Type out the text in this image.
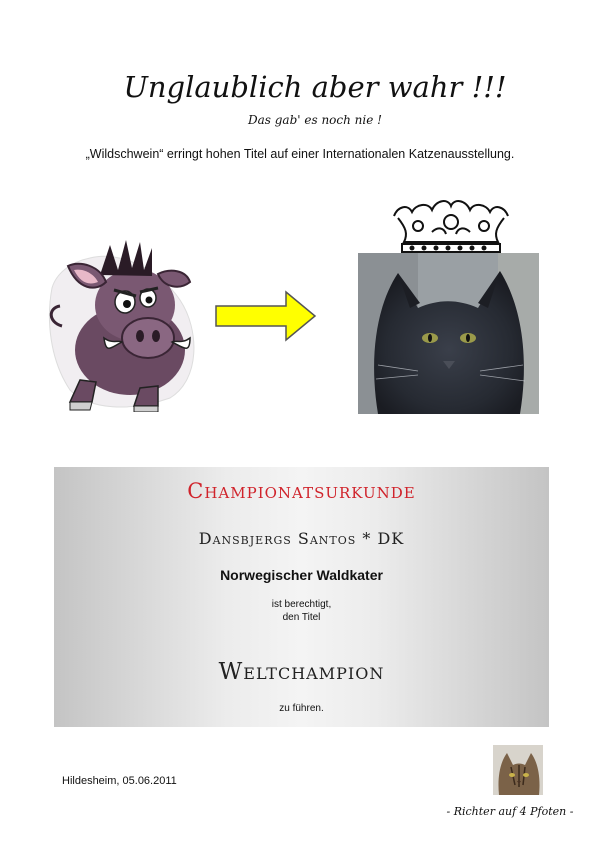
Unglaublich aber wahr !!!
Das gab' es noch nie !
„Wildschwein“ erringt hohen Titel auf einer Internationalen Katzenausstellung.
Championatsurkunde
Dansbjergs Santos * DK
Norwegischer Waldkater
ist berechtigt,
den Titel
Weltchampion
zu führen.
Hildesheim, 05.06.2011
- Richter auf 4 Pfoten -
